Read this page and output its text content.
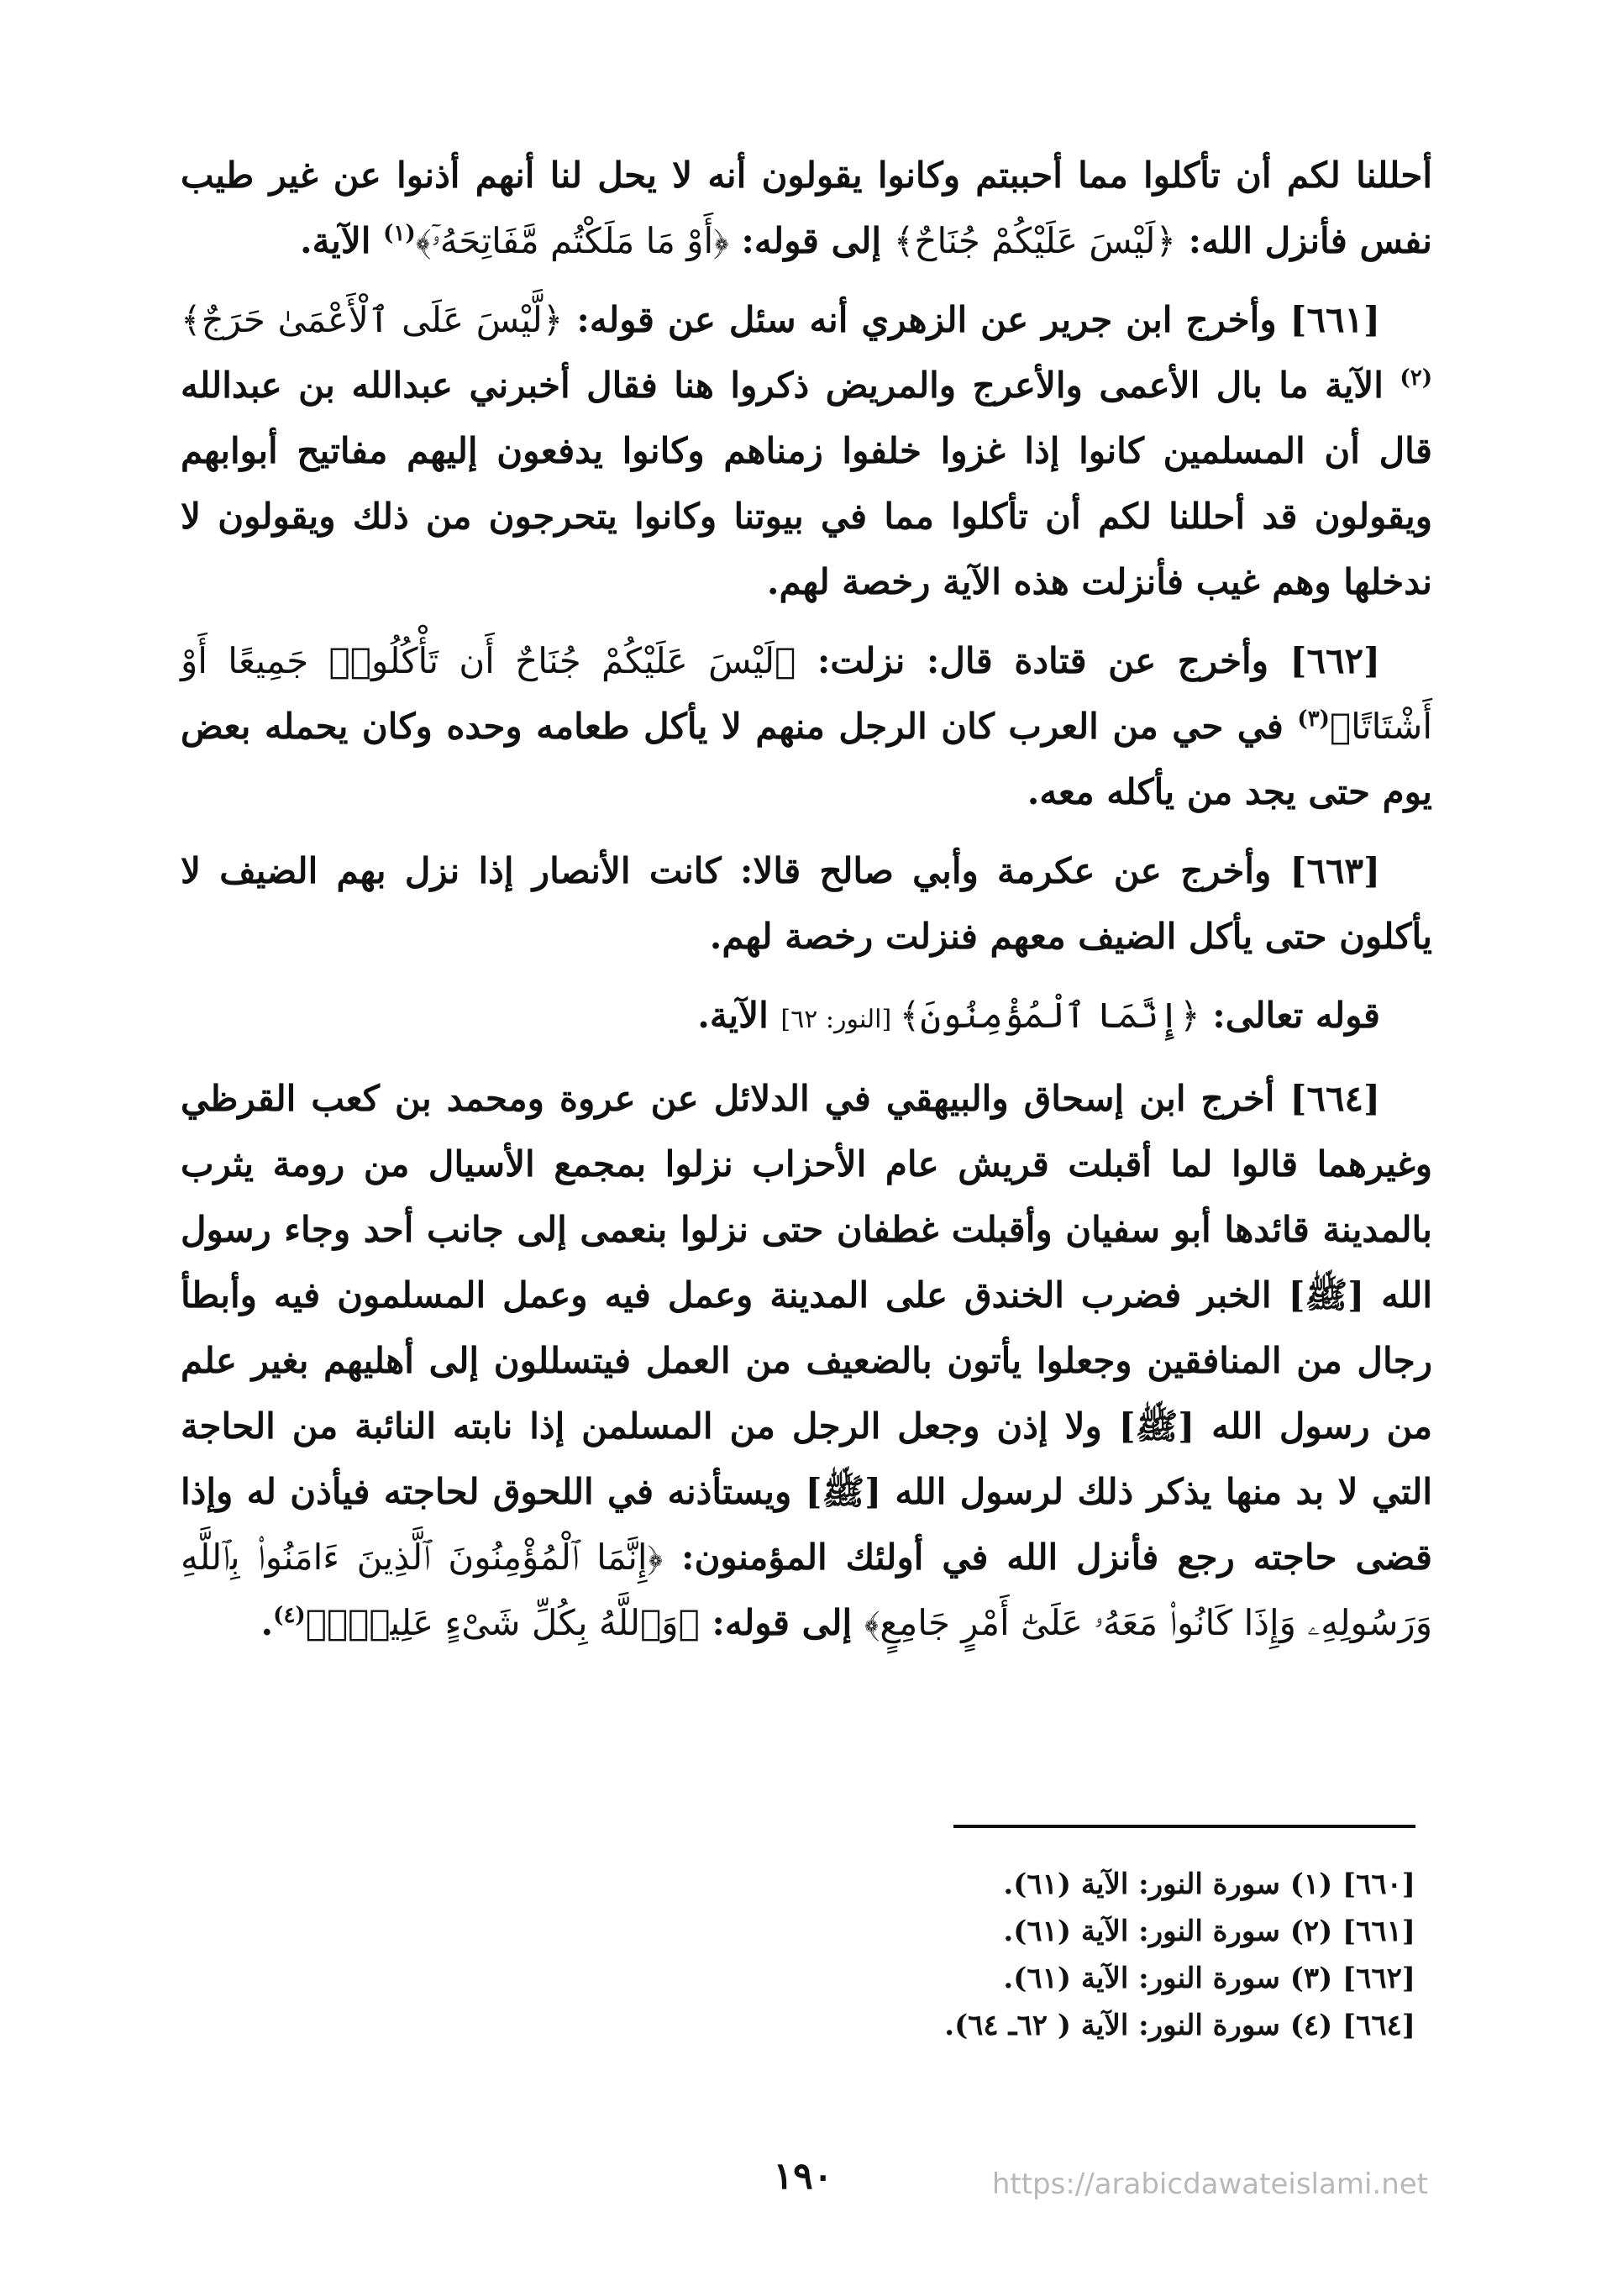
أحللنا لكم أن تأكلوا مما أحببتم وكانوا يقولون أنه لا يحل لنا أنهم أذنوا عن غير طيب نفس فأنزل الله: ﴿لَيْسَ عَلَيْكُمْ جُنَاحٌ﴾ إلى قوله: ﴿أَوْ مَا مَلَكْتُم مَّفَاتِحَهُۥٓ﴾$^{(١)}$ الآية.

[٦٦١] وأخرج ابن جرير عن الزهري أنه سئل عن قوله: ﴿لَّيْسَ عَلَى ٱلْأَعْمَىٰ حَرَجٌ﴾$^{(٢)}$ الآية ما بال الأعمى والأعرج والمريض ذكروا هنا فقال أخبرني عبدالله بن عبدالله قال أن المسلمين كانوا إذا غزوا خلفوا زمناهم وكانوا يدفعون إليهم مفاتيح أبوابهم ويقولون قد أحللنا لكم أن تأكلوا مما في بيوتنا وكانوا يتحرجون من ذلك ويقولون لا ندخلها وهم غيب فأنزلت هذه الآية رخصة لهم.

[٦٦٢] وأخرج عن قتادة قال: نزلت: ﴿لَيْسَ عَلَيْكُمْ جُنَاحٌ أَن تَأْكُلُوا۟ جَمِيعًا أَوْ أَشْتَاتًا﴾$^{(٣)}$ في حي من العرب كان الرجل منهم لا يأكل طعامه وحده وكان يحمله بعض يوم حتى يجد من يأكله معه.

[٦٦٣] وأخرج عن عكرمة وأبي صالح قالا: كانت الأنصار إذا نزل بهم الضيف لا يأكلون حتى يأكل الضيف معهم فنزلت رخصة لهم.

قوله تعالى: ﴿إِنَّمَا ٱلْمُؤْمِنُونَ﴾ [النور: ٦٢] الآية.

[٦٦٤] أخرج ابن إسحاق والبيهقي في الدلائل عن عروة ومحمد بن كعب القرظي وغيرهما قالوا لما أقبلت قريش عام الأحزاب نزلوا بمجمع الأسيال من رومة يثرب بالمدينة قائدها أبو سفيان وأقبلت غطفان حتى نزلوا بنعمى إلى جانب أحد وجاء رسول الله [ﷺ] الخبر فضرب الخندق على المدينة وعمل فيه وعمل المسلمون فيه وأبطأ رجال من المنافقين وجعلوا يأتون بالضعيف من العمل فيتسللون إلى أهليهم بغير علم من رسول الله [ﷺ] ولا إذن وجعل الرجل من المسلمن إذا نابته النائبة من الحاجة التي لا بد منها يذكر ذلك لرسول الله [ﷺ] ويستأذنه في اللحوق لحاجته فيأذن له وإذا قضى حاجته رجع فأنزل الله في أولئك المؤمنون: ﴿إِنَّمَا ٱلْمُؤْمِنُونَ ٱلَّذِينَ ءَامَنُوا۟ بِٱللَّهِ وَرَسُولِهِۦ وَإِذَا كَانُوا۟ مَعَهُۥ عَلَىٰٓ أَمْرٍ جَامِعٍ﴾ إلى قوله: ﴿وَٱللَّهُ بِكُلِّ شَىْءٍ عَلِيمٌۢ﴾$^{(٤)}$.

[٦٦٠] (١) سورة النور: الآية (٦١).

[٦٦١] (٢) سورة النور: الآية (٦١).

[٦٦٢] (٣) سورة النور: الآية (٦١).

[٦٦٤] (٤) سورة النور: الآية ( ٦٢ـ ٦٤).

١٩٠	https://arabicdawateislami.net
